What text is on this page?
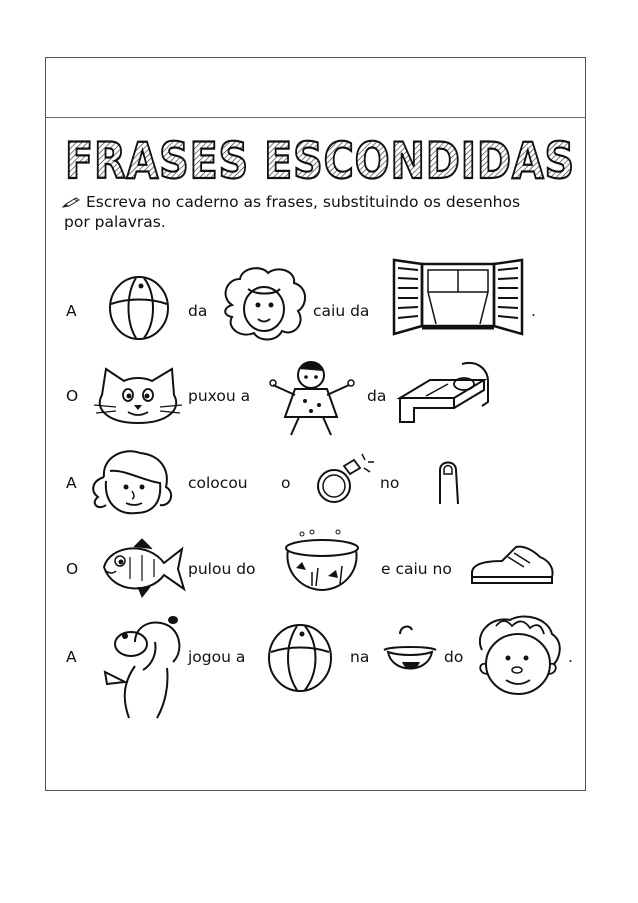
FRASES ESCONDIDAS
Escreva no caderno as frases, substituindo os desenhos
por palavras.
A	da	caiu da	.
O	puxou a	da
A	colocou o	no
O	pulou do	e caiu no
A	jogou a	na	do	.
